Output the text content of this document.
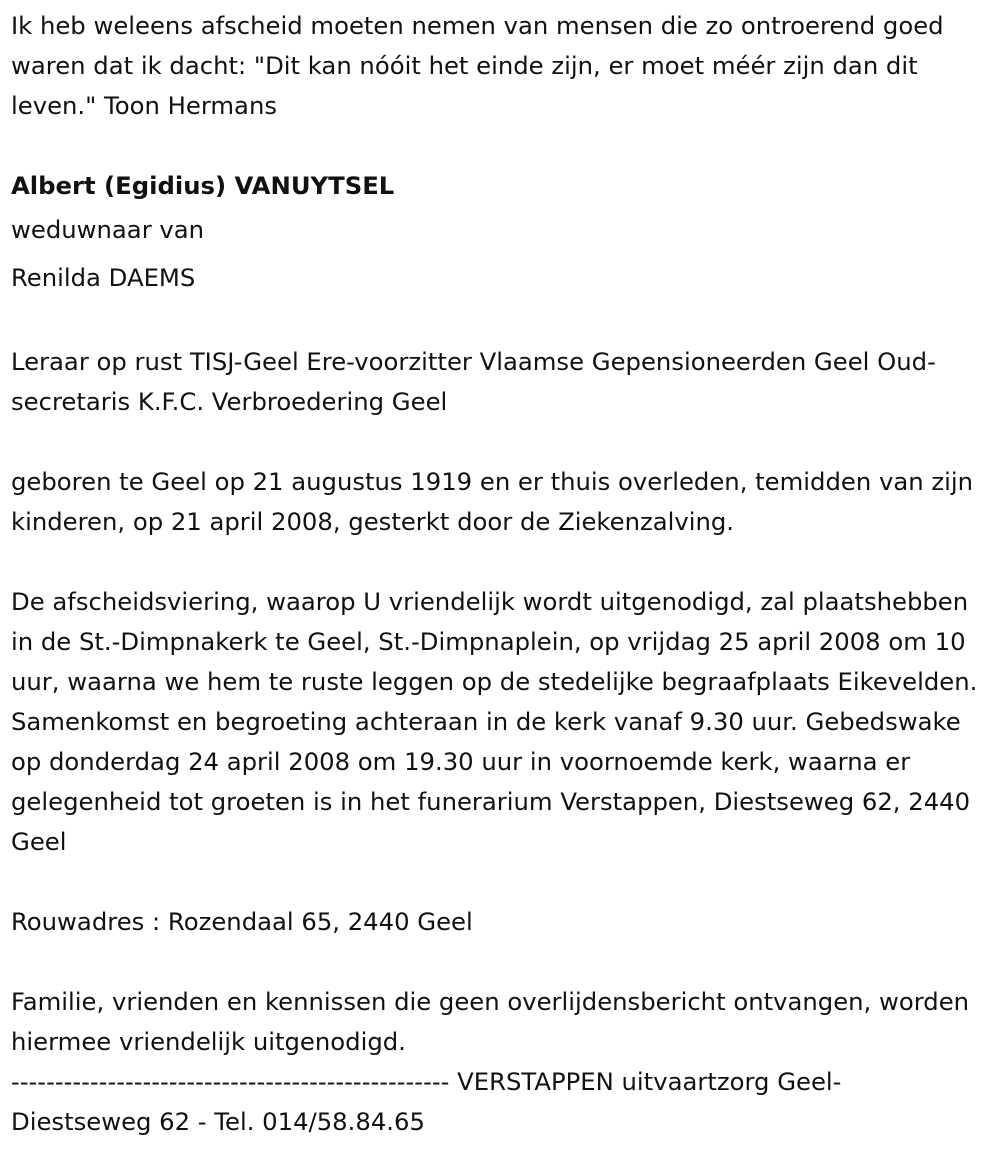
Ik heb weleens afscheid moeten nemen van mensen die zo ontroerend goed waren dat ik dacht: "Dit kan nóóit het einde zijn, er moet méér zijn dan dit leven." Toon Hermans

Albert (Egidius) VANUYTSEL
weduwnaar van
Renilda DAEMS

Leraar op rust TISJ-Geel Ere-voorzitter Vlaamse Gepensioneerden Geel Oud-secretaris K.F.C. Verbroedering Geel

geboren te Geel op 21 augustus 1919 en er thuis overleden, temidden van zijn kinderen, op 21 april 2008, gesterkt door de Ziekenzalving.

De afscheidsviering, waarop U vriendelijk wordt uitgenodigd, zal plaatshebben in de St.-Dimpnakerk te Geel, St.-Dimpnaplein, op vrijdag 25 april 2008 om 10 uur, waarna we hem te ruste leggen op de stedelijke begraafplaats Eikevelden. Samenkomst en begroeting achteraan in de kerk vanaf 9.30 uur. Gebedswake op donderdag 24 april 2008 om 19.30 uur in voornoemde kerk, waarna er gelegenheid tot groeten is in het funerarium Verstappen, Diestseweg 62, 2440 Geel

Rouwadres : Rozendaal 65, 2440 Geel

Familie, vrienden en kennissen die geen overlijdensbericht ontvangen, worden hiermee vriendelijk uitgenodigd.

-------------------------------------------------- VERSTAPPEN uitvaartzorg Geel-
Diestseweg 62 - Tel. 014/58.84.65
